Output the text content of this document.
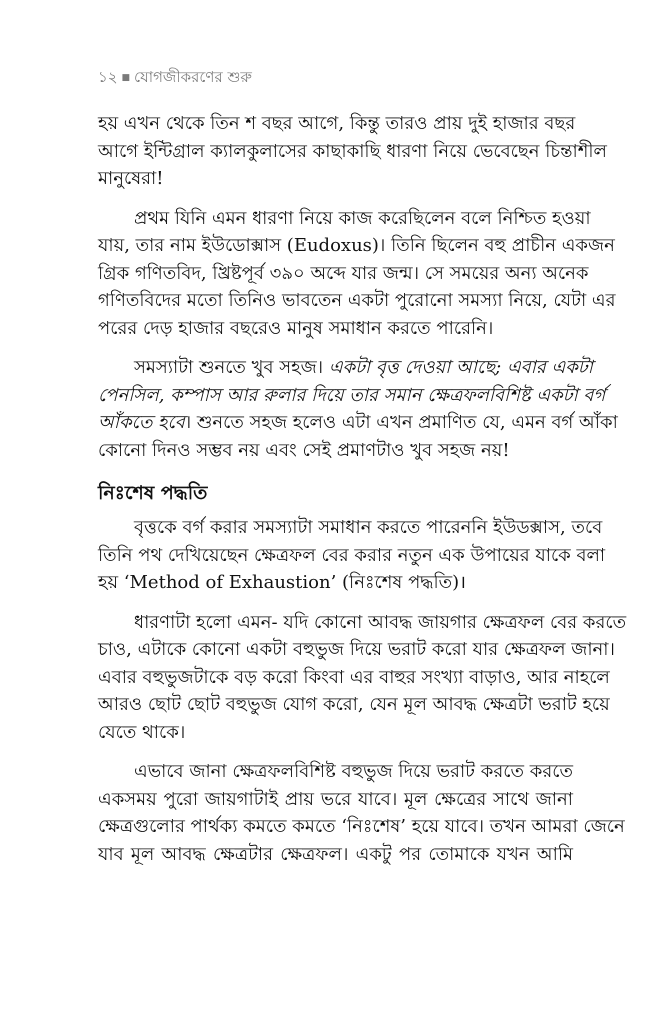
১২ ■ যোগজীকরণের শুরু
হয় এখন থেকে তিন শ বছর আগে, কিন্তু তারও প্রায় দুই হাজার বছর
আগে ইন্টিগ্রাল ক্যালকুলাসের কাছাকাছি ধারণা নিয়ে ভেবেছেন চিন্তাশীল
মানুষেরা!
প্রথম যিনি এমন ধারণা নিয়ে কাজ করেছিলেন বলে নিশ্চিত হওয়া
যায়, তার নাম ইউডোক্সাস (Eudoxus)। তিনি ছিলেন বহু প্রাচীন একজন
গ্রিক গণিতবিদ, খ্রিষ্টপূর্ব ৩৯০ অব্দে যার জন্ম। সে সময়ের অন্য অনেক
গণিতবিদের মতো তিনিও ভাবতেন একটা পুরোনো সমস্যা নিয়ে, যেটা এর
পরের দেড় হাজার বছরেও মানুষ সমাধান করতে পারেনি।
সমস্যাটা শুনতে খুব সহজ। একটা বৃত্ত দেওয়া আছে; এবার একটা
পেনসিল, কম্পাস আর রুলার দিয়ে তার সমান ক্ষেত্রফলবিশিষ্ট একটা বর্গ
আঁকতে হবে। শুনতে সহজ হলেও এটা এখন প্রমাণিত যে, এমন বর্গ আঁকা
কোনো দিনও সম্ভব নয় এবং সেই প্রমাণটাও খুব সহজ নয়!
নিঃশেষ পদ্ধতি
বৃত্তকে বর্গ করার সমস্যাটা সমাধান করতে পারেননি ইউডক্সাস, তবে
তিনি পথ দেখিয়েছেন ক্ষেত্রফল বের করার নতুন এক উপায়ের যাকে বলা
হয় ‘Method of Exhaustion’ (নিঃশেষ পদ্ধতি)।
ধারণাটা হলো এমন- যদি কোনো আবদ্ধ জায়গার ক্ষেত্রফল বের করতে
চাও, এটাকে কোনো একটা বহুভুজ দিয়ে ভরাট করো যার ক্ষেত্রফল জানা।
এবার বহুভুজটাকে বড় করো কিংবা এর বাহুর সংখ্যা বাড়াও, আর নাহলে
আরও ছোট ছোট বহুভুজ যোগ করো, যেন মূল আবদ্ধ ক্ষেত্রটা ভরাট হয়ে
যেতে থাকে।
এভাবে জানা ক্ষেত্রফলবিশিষ্ট বহুভুজ দিয়ে ভরাট করতে করতে
একসময় পুরো জায়গাটাই প্রায় ভরে যাবে। মূল ক্ষেত্রের সাথে জানা
ক্ষেত্রগুলোর পার্থক্য কমতে কমতে ‘নিঃশেষ’ হয়ে যাবে। তখন আমরা জেনে
যাব মূল আবদ্ধ ক্ষেত্রটার ক্ষেত্রফল। একটু পর তোমাকে যখন আমি
